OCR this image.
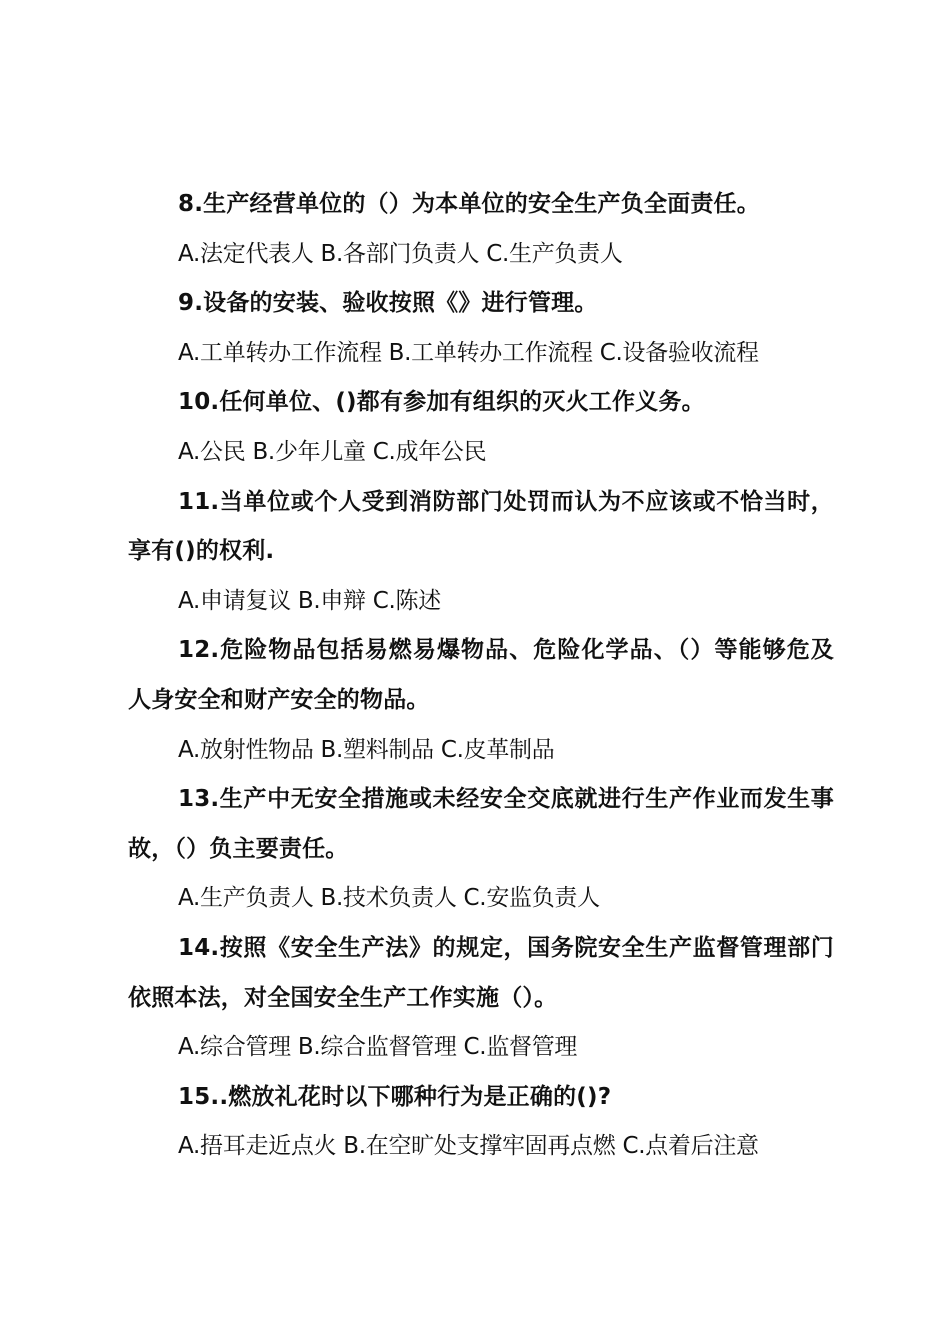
8.生产经营单位的（）为本单位的安全生产负全面责任。

A.法定代表人 B.各部门负责人 C.生产负责人

9.设备的安装、验收按照《》进行管理。

A.工单转办工作流程 B.工单转办工作流程 C.设备验收流程

10.任何单位、()都有参加有组织的灭火工作义务。

A.公民 B.少年儿童 C.成年公民

11.当单位或个人受到消防部门处罚而认为不应该或不恰当时，享有()的权利.

A.申请复议 B.申辩 C.陈述

12.危险物品包括易燃易爆物品、危险化学品、（）等能够危及人身安全和财产安全的物品。

A.放射性物品 B.塑料制品 C.皮革制品

13.生产中无安全措施或未经安全交底就进行生产作业而发生事故，（）负主要责任。

A.生产负责人 B.技术负责人 C.安监负责人

14.按照《安全生产法》的规定，国务院安全生产监督管理部门依照本法，对全国安全生产工作实施（）。

A.综合管理 B.综合监督管理 C.监督管理

15..燃放礼花时以下哪种行为是正确的()?

A.捂耳走近点火 B.在空旷处支撑牢固再点燃 C.点着后注意
